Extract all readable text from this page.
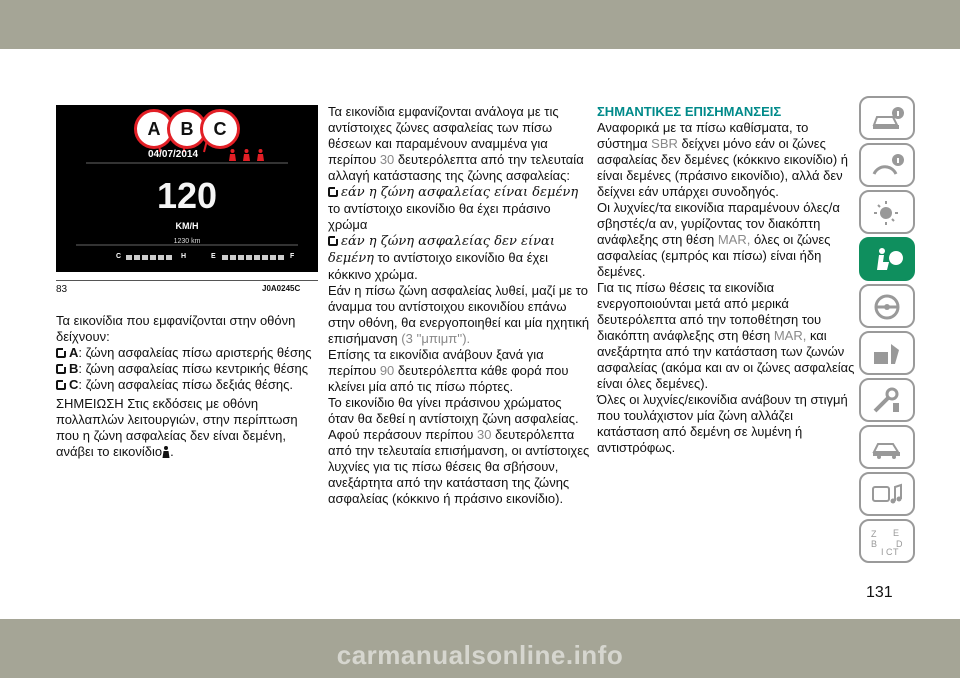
A	B	C
04/07/2014
120
KM/H
1230 km
C	H	E	F
83	J0A0245C

Τα εικονίδια που εμφανίζονται στην οθόνη δείχνουν:

A: ζώνη ασφαλείας πίσω αριστερής θέσης

B: ζώνη ασφαλείας πίσω κεντρικής θέσης

C: ζώνη ασφαλείας πίσω δεξιάς θέσης.

ΣΗΜΕΙΩΣΗ Στις εκδόσεις με οθόνη πολλαπλών λειτουργιών, στην περίπτωση που η ζώνη ασφαλείας δεν είναι δεμένη, ανάβει το εικονίδιο .

Τα εικονίδια εμφανίζονται ανάλογα με τις αντίστοιχες ζώνες ασφαλείας των πίσω θέσεων και παραμένουν αναμμένα για περίπου 30 δευτερόλεπτα από την τελευταία αλλαγή κατάστασης της ζώνης ασφαλείας:

εάν η ζώνη ασφαλείας είναι δεμένη το αντίστοιχο εικονίδιο θα έχει πράσινο χρώμα

εάν η ζώνη ασφαλείας δεν είναι δεμένη το αντίστοιχο εικονίδιο θα έχει κόκκινο χρώμα.

Εάν η πίσω ζώνη ασφαλείας λυθεί, μαζί με το άναμμα του αντίστοιχου εικονιδίου επάνω στην οθόνη, θα ενεργοποιηθεί και μία ηχητική επισήμανση (3 ''μπιμπ'').

Επίσης τα εικονίδια ανάβουν ξανά για περίπου 90 δευτερόλεπτα κάθε φορά που κλείνει μία από τις πίσω πόρτες.

Το εικονίδιο θα γίνει πράσινου χρώματος όταν θα δεθεί η αντίστοιχη ζώνη ασφαλείας.

Αφού περάσουν περίπου 30 δευτερόλεπτα από την τελευταία επισήμανση, οι αντίστοιχες λυχνίες για τις πίσω θέσεις θα σβήσουν, ανεξάρτητα από την κατάσταση της ζώνης ασφαλείας (κόκκινο ή πράσινο εικονίδιο).

ΣΗΜΑΝΤΙΚΕΣ ΕΠΙΣΗΜΑΝΣΕΙΣ

Αναφορικά με τα πίσω καθίσματα, το σύστημα SBR δείχνει μόνο εάν οι ζώνες ασφαλείας δεν δεμένες (κόκκινο εικονίδιο) ή είναι δεμένες (πράσινο εικονίδιο), αλλά δεν δείχνει εάν υπάρχει συνοδηγός.

Οι λυχνίες/τα εικονίδια παραμένουν όλες/α σβηστές/α αν, γυρίζοντας τον διακόπτη ανάφλεξης στη θέση MAR, όλες οι ζώνες ασφαλείας (εμπρός και πίσω) είναι ήδη δεμένες.

Για τις πίσω θέσεις τα εικονίδια ενεργοποιούνται μετά από μερικά δευτερόλεπτα από την τοποθέτηση του διακόπτη ανάφλεξης στη θέση MAR, και ανεξάρτητα από την κατάσταση των ζωνών ασφαλείας (ακόμα και αν οι ζώνες ασφαλείας είναι όλες δεμένες).

Όλες οι λυχνίες/εικονίδια ανάβουν τη στιγμή που τουλάχιστον μία ζώνη αλλάζει κατάσταση από δεμένη σε λυμένη ή αντιστρόφως.

Z E
B D
I C T
131
carmanualsonline.info
